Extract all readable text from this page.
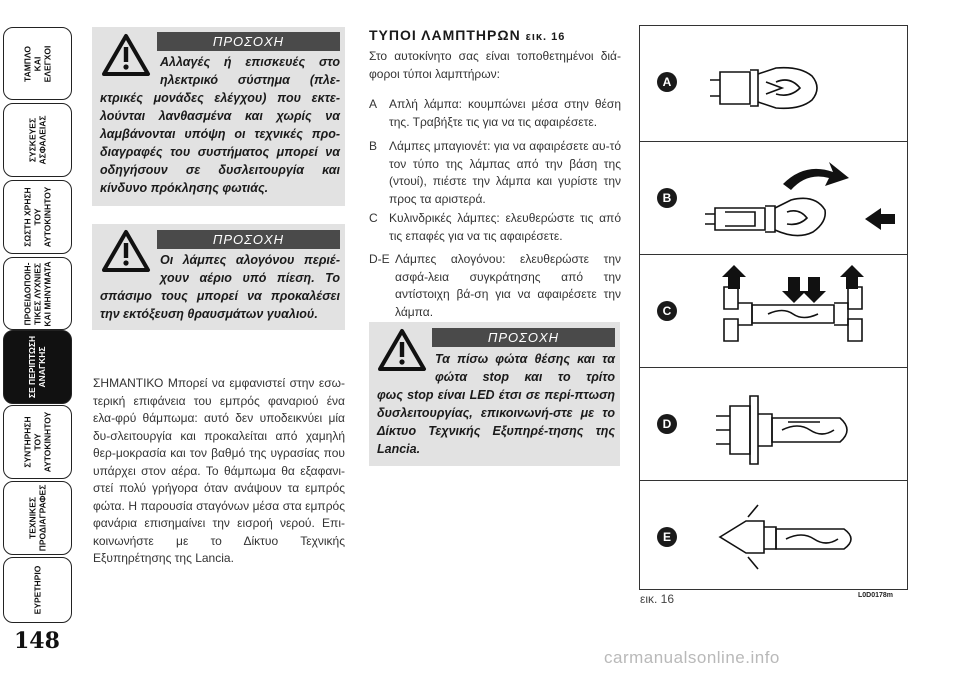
ΤΑΜΠΛΟ
ΚΑΙ
ΕΛΕΓΧΟΙ
ΣΥΣΚΕΥΕΣ
ΑΣΦΑΛΕΙΑΣ
ΣΩΣΤΗ ΧΡΗΣΗ
ΤΟΥ
ΑΥΤΟΚΙΝΗΤΟΥ
ΠΡΟΕΙΔΟΠΟΙΗ-
ΤΙΚΕΣ ΛΥΧΝΙΕΣ
ΚΑΙ ΜΗΝΥΜΑΤΑ
ΣΕ ΠΕΡΙΠΤΩΣΗ
ΑΝΑΓΚΗΣ
ΣΥΝΤΗΡΗΣΗ
ΤΟΥ
ΑΥΤΟΚΙΝΗΤΟΥ
ΤΕΧΝΙΚΕΣ
ΠΡΟΔΙΑΓΡΑΦΕΣ
ΕΥΡΕΤΗΡΙΟ
148
ΠΡΟΣΟΧΗ
Αλλαγές ή επισκευές στο
ηλεκτρικό σύστημα (πλε-
κτρικές μονάδες ελέγχου) που εκτε-λούνται λανθασμένα και χωρίς να λαμβάνονται υπόψη οι τεχνικές προ-διαγραφές του συστήματος μπορεί να οδηγήσουν σε δυσλειτουργία και κίνδυνο πρόκλησης φωτιάς.
ΠΡΟΣΟΧΗ
Οι λάμπες αλογόνου περιέ-
χουν αέριο υπό πίεση. Το
σπάσιμο τους μπορεί να προκαλέσει την εκτόξευση θραυσμάτων γυαλιού.
ΣΗΜΑΝΤΙΚΟ Μπορεί να εμφανιστεί στην εσω-τερική επιφάνεια του εμπρός φαναριού ένα ελα-φρύ θάμπωμα: αυτό δεν υποδεικνύει μία δυ-σλειτουργία και προκαλείται από χαμηλή θερ-μοκρασία και τον βαθμό της υγρασίας που υπάρχει στον αέρα. Το θάμπωμα θα εξαφανι-στεί πολύ γρήγορα όταν ανάψουν τα εμπρός φώτα. Η παρουσία σταγόνων μέσα στα εμπρός φανάρια επισημαίνει την εισροή νερού. Επι-κοινωνήστε με το Δίκτυο Τεχνικής Εξυπηρέτησης της Lancia.
ΤΥΠΟΙ ΛΑΜΠΤΗΡΩΝ εικ. 16
Στο αυτοκίνητο σας είναι τοποθετημένοι διά-φοροι τύποι λαμπτήρων:
A Απλή λάμπα: κουμπώνει μέσα στην θέση της. Τραβήξτε τις για να τις αφαιρέσετε.
B Λάμπες μπαγιονέτ: για να αφαιρέσετε αυ-τό τον τύπο της λάμπας από την βάση της (ντουί), πιέστε την λάμπα και γυρίστε την προς τα αριστερά.
C Κυλινδρικές λάμπες: ελευθερώστε τις από τις επαφές για να τις αφαιρέσετε.
D-E Λάμπες αλογόνου: ελευθερώστε την ασφά-λεια συγκράτησης από την αντίστοιχη βά-ση για να αφαιρέσετε την λάμπα.
ΠΡΟΣΟΧΗ
Τα πίσω φώτα θέσης και τα
φώτα stop και το τρίτο
φως stop είναι LED έτσι σε περί-πτωση δυσλειτουργίας, επικοινωνή-στε με το Δίκτυο Τεχνικής Εξυπηρέ-τησης της Lancia.
A
B
C
D
E
εικ. 16	L0D0178m
carmanualsonline.info
